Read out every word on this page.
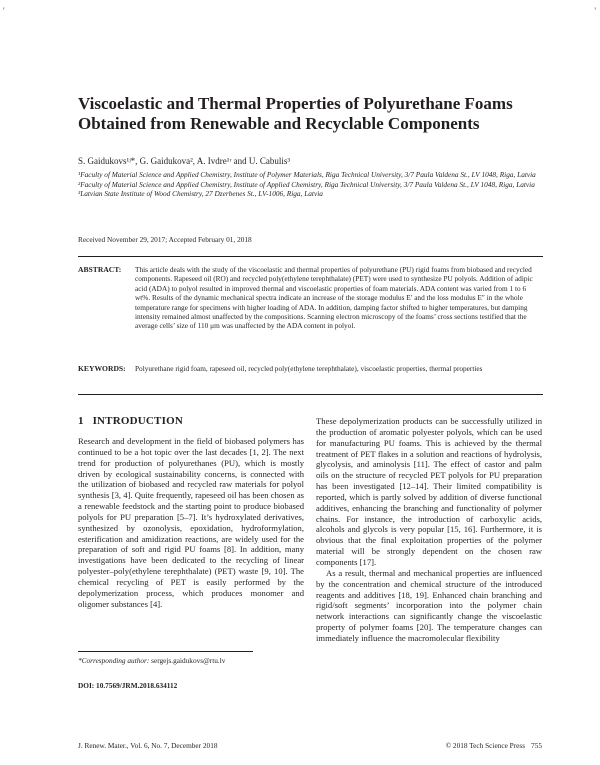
'	'
Viscoelastic and Thermal Properties of Polyurethane Foams Obtained from Renewable and Recyclable Components
S. Gaidukovs¹ʲ*, G. Gaidukova², A. Ivdre¹ʳ and U. Cabulis³
¹Faculty of Material Science and Applied Chemistry, Institute of Polymer Materials, Riga Technical University, 3/7 Paula Valdena St., LV 1048, Riga, Latvia
²Faculty of Material Science and Applied Chemistry, Institute of Applied Chemistry, Riga Technical University, 3/7 Paula Valdena St., LV 1048, Riga, Latvia
³Latvian State Institute of Wood Chemistry, 27 Dzerbenes St., LV-1006, Riga, Latvia
Received November 29, 2017; Accepted February 01, 2018
ABSTRACT: This article deals with the study of the viscoelastic and thermal properties of polyurethane (PU) rigid foams from biobased and recycled components. Rapeseed oil (RO) and recycled poly(ethylene terephthalate) (PET) were used to synthesize PU polyols. Addition of adipic acid (ADA) to polyol resulted in improved thermal and viscoelastic properties of foam materials. ADA content was varied from 1 to 6 wt%. Results of the dynamic mechanical spectra indicate an increase of the storage modulus E′ and the loss modulus E″ in the whole temperature range for specimens with higher loading of ADA. In addition, damping factor shifted to higher temperatures, but damping intensity remained almost unaffected by the compositions. Scanning electron microscopy of the foams’ cross sections testified that the average cells’ size of 110 μm was unaffected by the ADA content in polyol.

KEYWORDS: Polyurethane rigid foam, rapeseed oil, recycled poly(ethylene terephthalate), viscoelastic properties, thermal properties

1 INTRODUCTION

Research and development in the field of biobased polymers has continued to be a hot topic over the last decades [1, 2]. The next trend for production of polyurethanes (PU), which is mostly driven by ecological sustainability concerns, is connected with the utilization of biobased and recycled raw materials for polyol synthesis [3, 4]. Quite frequently, rapeseed oil has been chosen as a renewable feedstock and the starting point to produce biobased polyols for PU preparation [5–7]. It’s hydroxylated derivatives, synthesized by ozonolysis, epoxidation, hydroformylation, esterification and amidization reactions, are widely used for the preparation of soft and rigid PU foams [8]. In addition, many investigations have been dedicated to the recycling of linear polyester–poly(ethylene terephthalate) (PET) waste [9, 10]. The chemical recycling of PET is easily performed by the depolymerization process, which produces monomer and oligomer substances [4].

These depolymerization products can be successfully utilized in the production of aromatic polyester polyols, which can be used for manufacturing PU foams. This is achieved by the thermal treatment of PET flakes in a solution and reactions of hydrolysis, glycolysis, and aminolysis [11]. The effect of castor and palm oils on the structure of recycled PET polyols for PU preparation has been investigated [12–14]. Their limited compatibility is reported, which is partly solved by addition of diverse functional additives, enhancing the branching and functionality of polymer chains. For instance, the introduction of carboxylic acids, alcohols and glycols is very popular [15, 16]. Furthermore, it is obvious that the final exploitation properties of the polymer material will be strongly dependent on the chosen raw components [17].

As a result, thermal and mechanical properties are influenced by the concentration and chemical structure of the introduced reagents and additives [18, 19]. Enhanced chain branching and rigid/soft segments’ incorporation into the polymer chain network interactions can significantly change the viscoelastic property of polymer foams [20]. The temperature changes can immediately influence the macromolecular flexibility

*Corresponding author: sergejs.gaidukovs@rtu.lv
DOI: 10.7569/JRM.2018.634112
J. Renew. Mater., Vol. 6, No. 7, December 2018	© 2018 Tech Science Press 755
